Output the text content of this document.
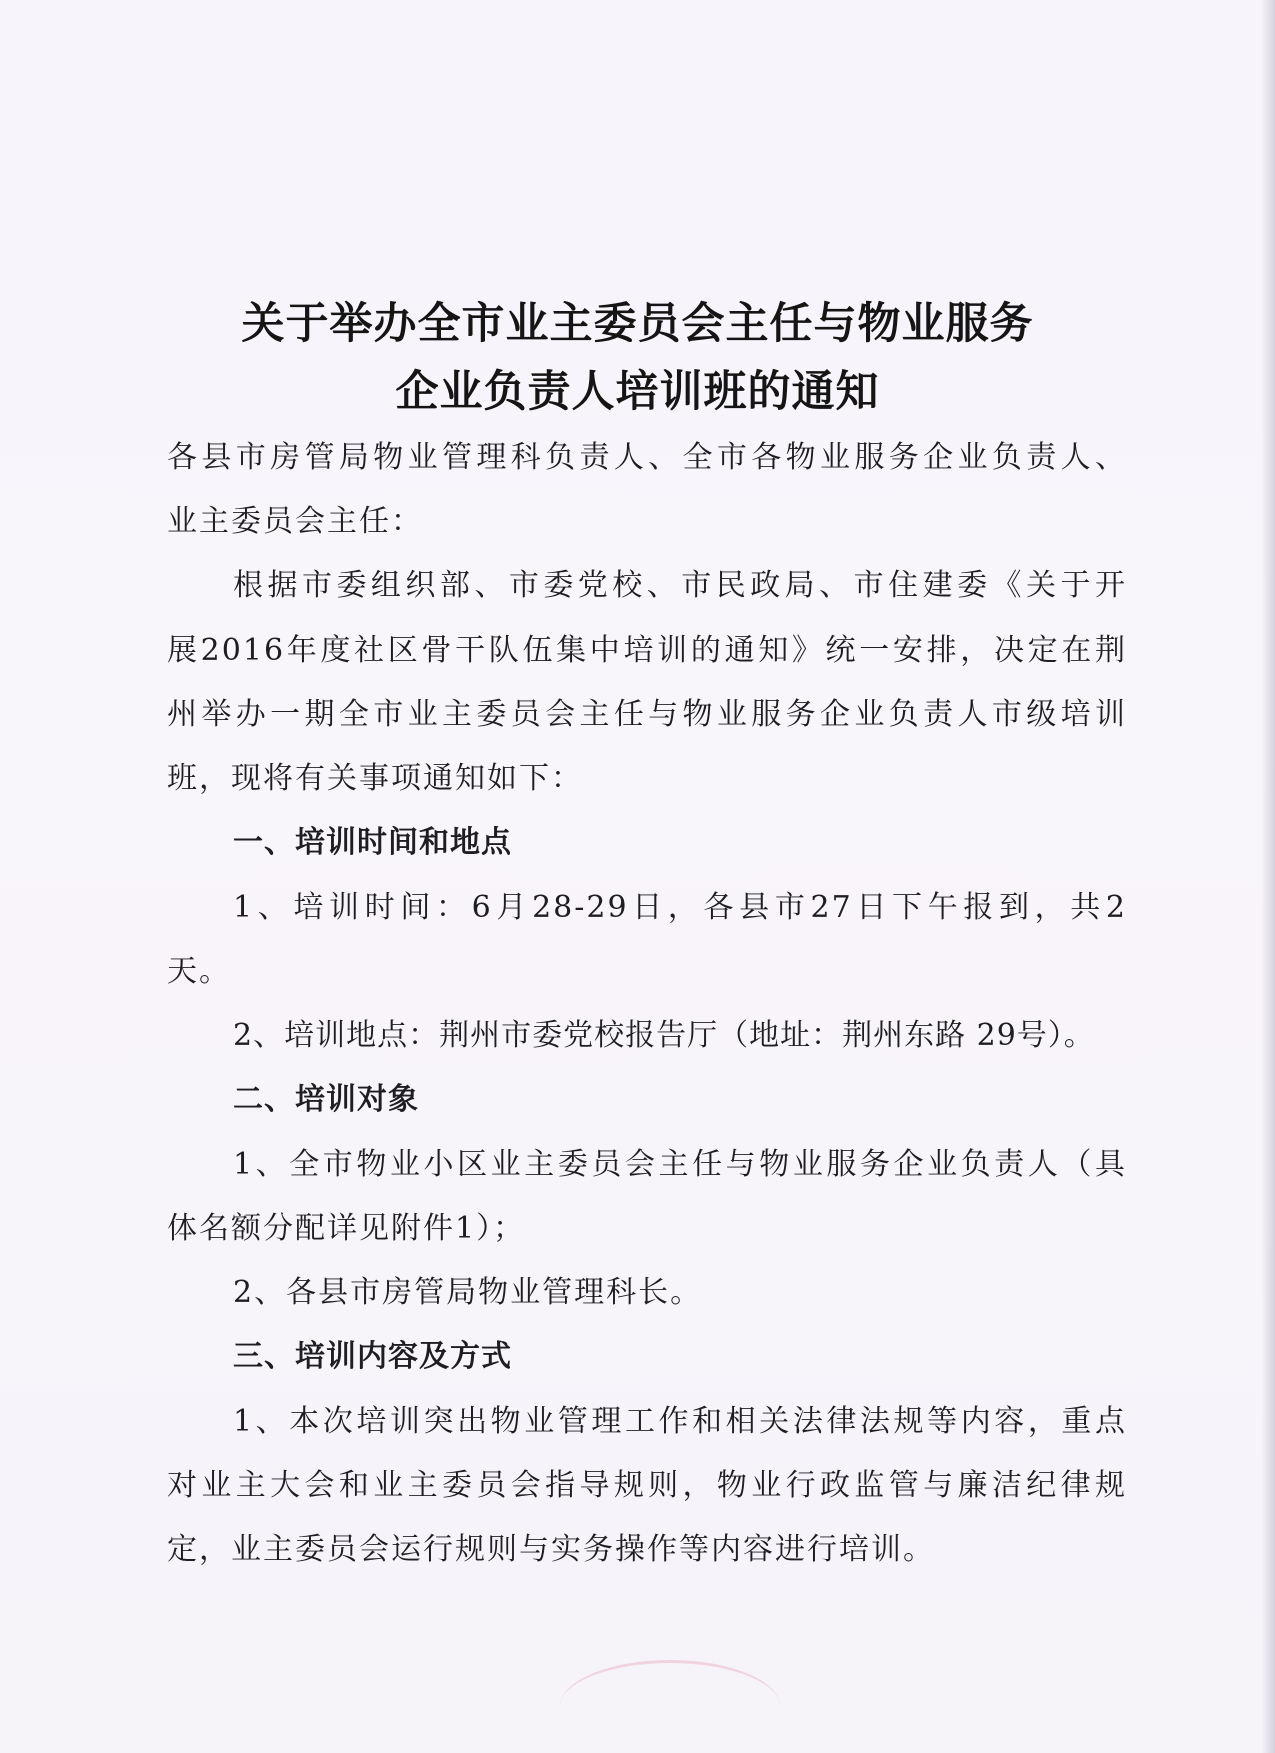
关于举办全市业主委员会主任与物业服务
企业负责人培训班的通知
各县市房管局物业管理科负责人、全市各物业服务企业负责人、
业主委员会主任：
根据市委组织部、市委党校、市民政局、市住建委《关于开
展2016年度社区骨干队伍集中培训的通知》统一安排，决定在荆
州举办一期全市业主委员会主任与物业服务企业负责人市级培训
班，现将有关事项通知如下：
一、培训时间和地点
1、培训时间：6月28-29日，各县市27日下午报到，共2
天。
2、培训地点：荆州市委党校报告厅（地址：荆州东路 29号）。
二、培训对象
1、全市物业小区业主委员会主任与物业服务企业负责人（具
体名额分配详见附件1）；
2、各县市房管局物业管理科长。
三、培训内容及方式
1、本次培训突出物业管理工作和相关法律法规等内容，重点
对业主大会和业主委员会指导规则，物业行政监管与廉洁纪律规
定，业主委员会运行规则与实务操作等内容进行培训。
